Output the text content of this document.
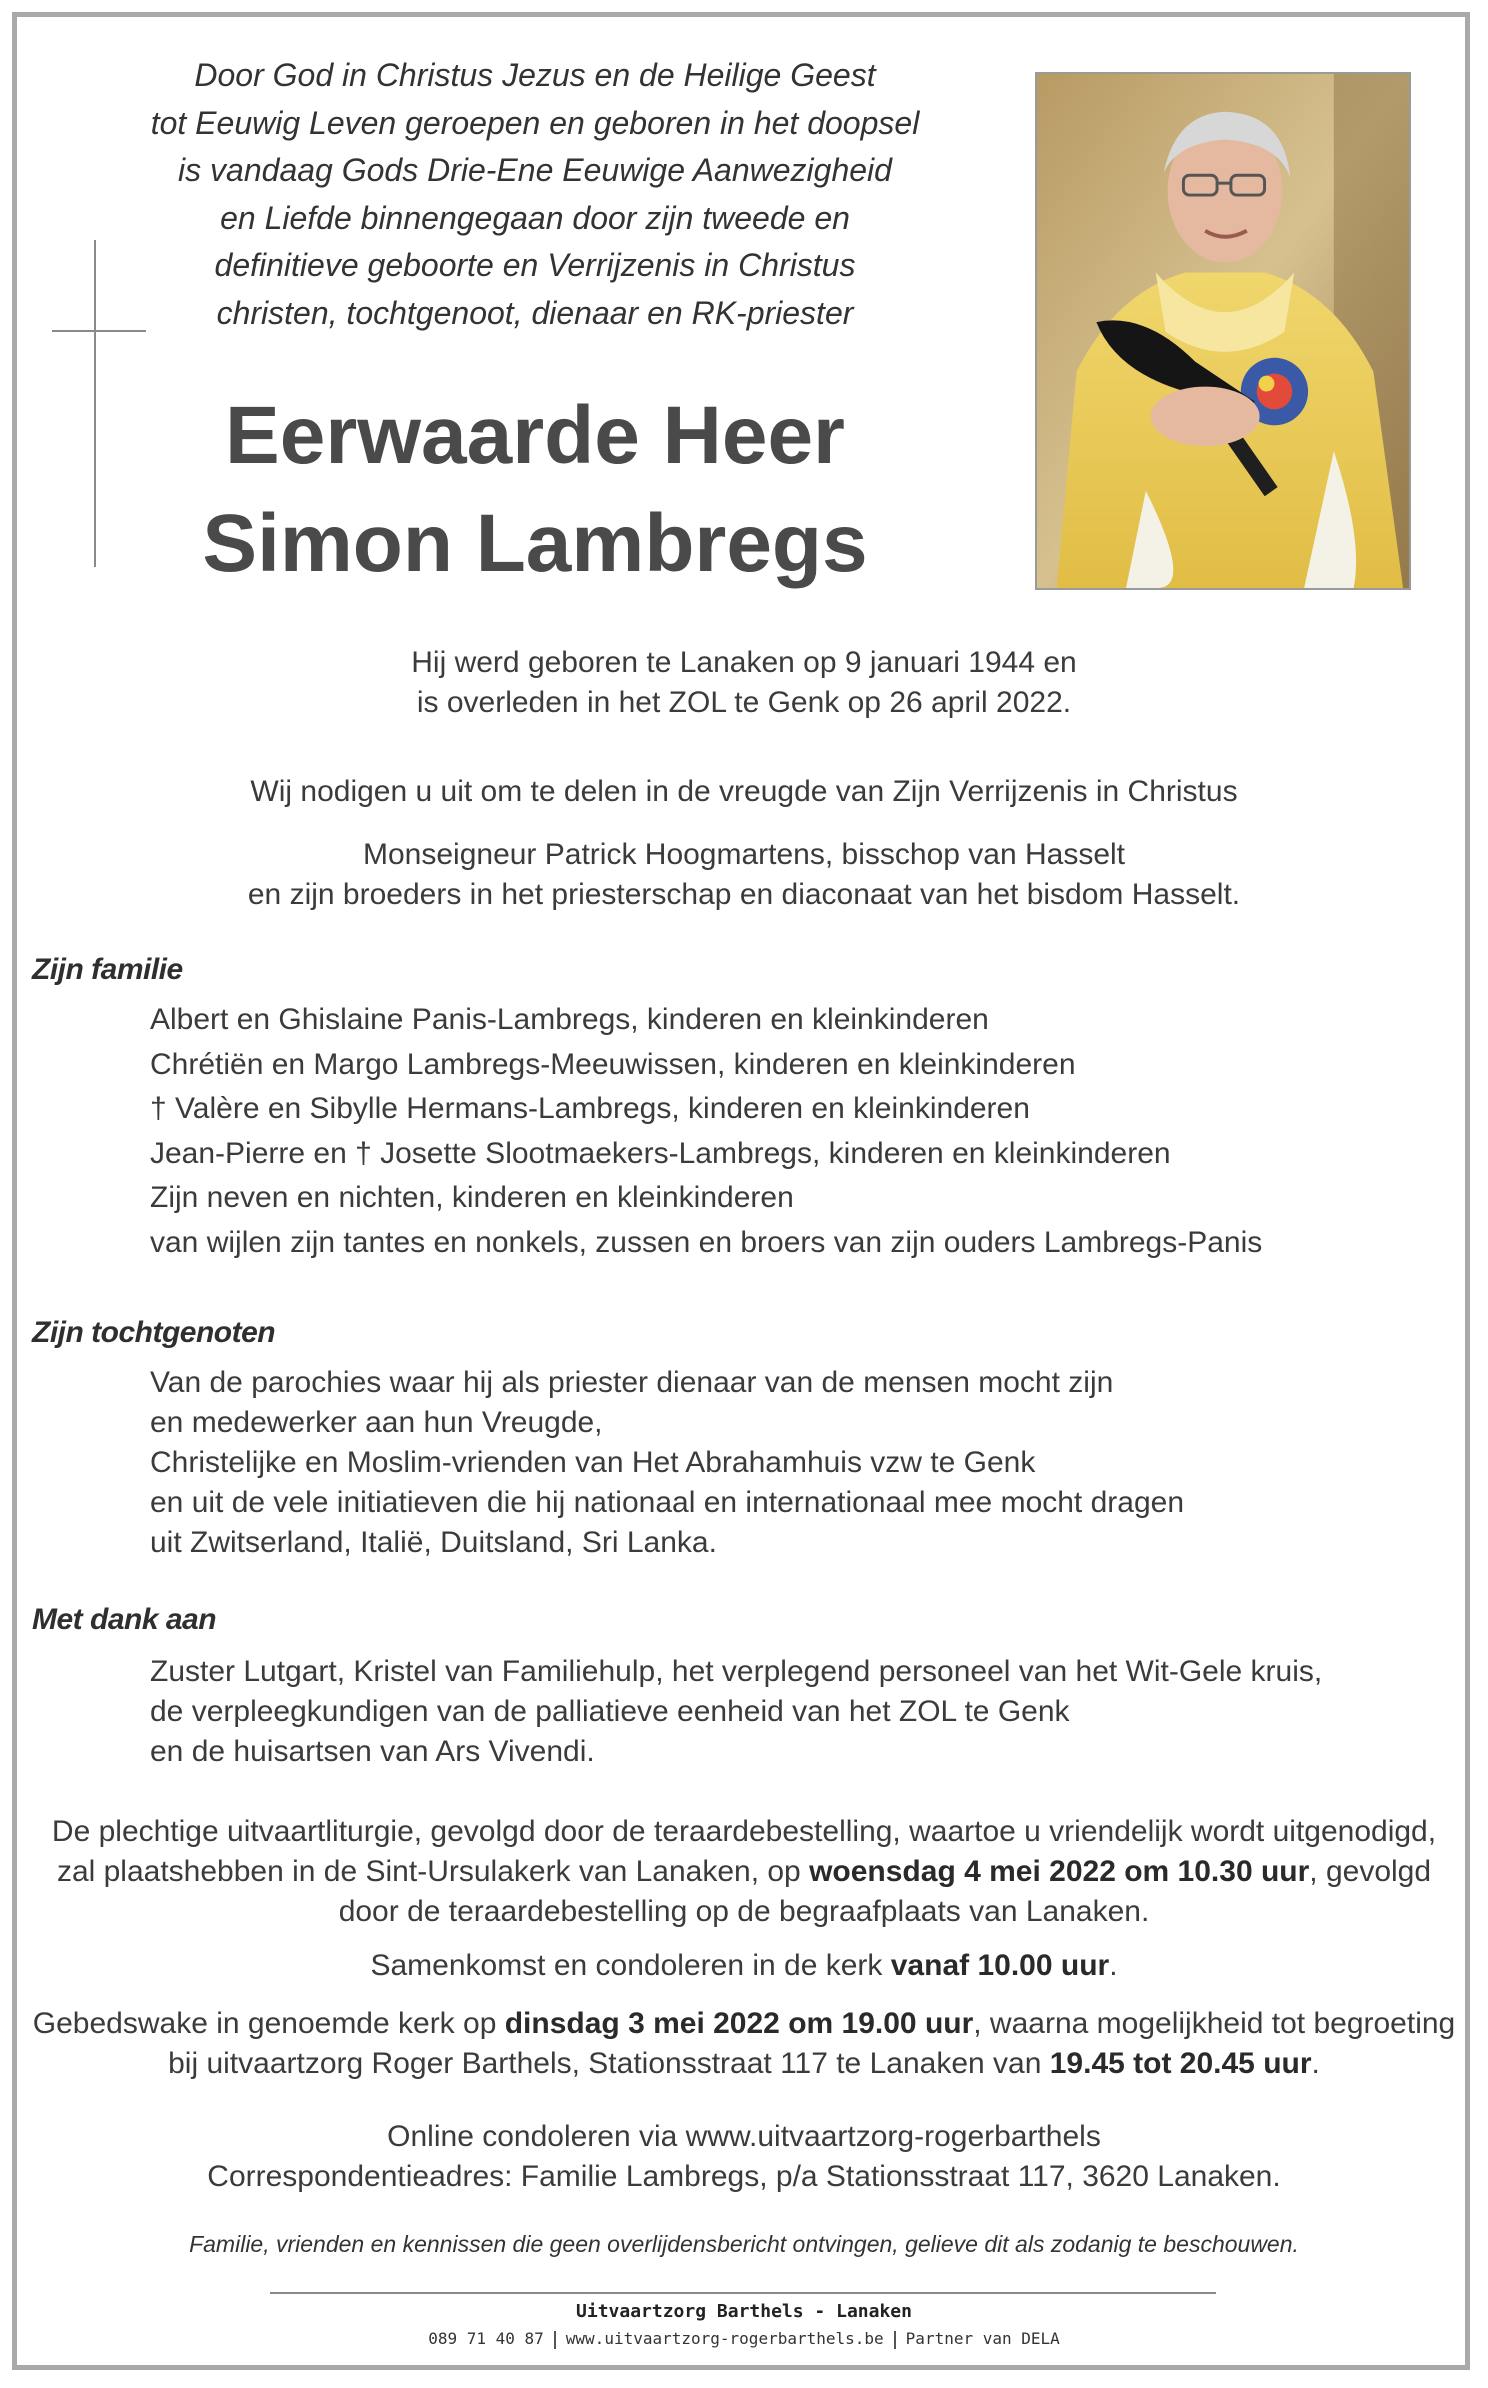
Door God in Christus Jezus en de Heilige Geest
tot Eeuwig Leven geroepen en geboren in het doopsel
is vandaag Gods Drie-Ene Eeuwige Aanwezigheid
en Liefde binnengegaan door zijn tweede en
definitieve geboorte en Verrijzenis in Christus
christen, tochtgenoot, dienaar en RK-priester

Eerwaarde Heer
Simon Lambregs

Hij werd geboren te Lanaken op 9 januari 1944 en
is overleden in het ZOL te Genk op 26 april 2022.

Wij nodigen u uit om te delen in de vreugde van Zijn Verrijzenis in Christus

Monseigneur Patrick Hoogmartens, bisschop van Hasselt
en zijn broeders in het priesterschap en diaconaat van het bisdom Hasselt.

Zijn familie
Albert en Ghislaine Panis-Lambregs, kinderen en kleinkinderen
Chrétiën en Margo Lambregs-Meeuwissen, kinderen en kleinkinderen
† Valère en Sibylle Hermans-Lambregs, kinderen en kleinkinderen
Jean-Pierre en † Josette Slootmaekers-Lambregs, kinderen en kleinkinderen
Zijn neven en nichten, kinderen en kleinkinderen
van wijlen zijn tantes en nonkels, zussen en broers van zijn ouders Lambregs-Panis
Zijn tochtgenoten
Van de parochies waar hij als priester dienaar van de mensen mocht zijn
en medewerker aan hun Vreugde,
Christelijke en Moslim-vrienden van Het Abrahamhuis vzw te Genk
en uit de vele initiatieven die hij nationaal en internationaal mee mocht dragen
uit Zwitserland, Italië, Duitsland, Sri Lanka.
Met dank aan
Zuster Lutgart, Kristel van Familiehulp, het verplegend personeel van het Wit-Gele kruis,
de verpleegkundigen van de palliatieve eenheid van het ZOL te Genk
en de huisartsen van Ars Vivendi.

De plechtige uitvaartliturgie, gevolgd door de teraardebestelling, waartoe u vriendelijk wordt uitgenodigd, zal plaatshebben in de Sint-Ursulakerk van Lanaken, op woensdag 4 mei 2022 om 10.30 uur, gevolgd door de teraardebestelling op de begraafplaats van Lanaken.

Samenkomst en condoleren in de kerk vanaf 10.00 uur.

Gebedswake in genoemde kerk op dinsdag 3 mei 2022 om 19.00 uur, waarna mogelijkheid tot begroeting bij uitvaartzorg Roger Barthels, Stationsstraat 117 te Lanaken van 19.45 tot 20.45 uur.

Online condoleren via www.uitvaartzorg-rogerbarthels
Correspondentieadres: Familie Lambregs, p/a Stationsstraat 117, 3620 Lanaken.

Familie, vrienden en kennissen die geen overlijdensbericht ontvingen, gelieve dit als zodanig te beschouwen.

Uitvaartzorg Barthels - Lanaken

089 71 40 87 www.uitvaartzorg-rogerbarthels.be Partner van DELA
